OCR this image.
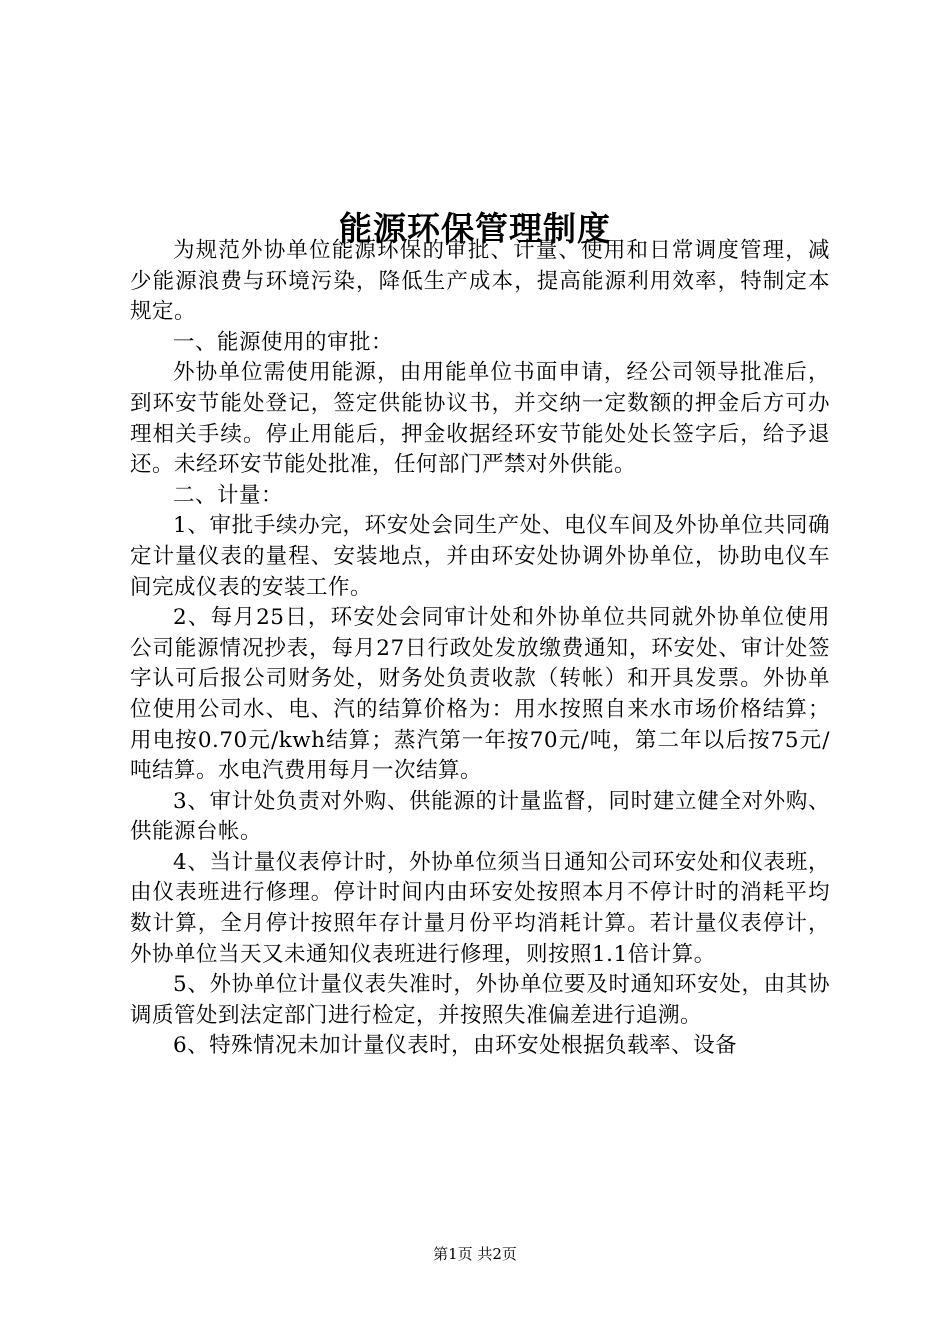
能源环保管理制度

为规范外协单位能源环保的审批、计量、使用和日常调度管理，减少能源浪费与环境污染，降低生产成本，提高能源利用效率，特制定本规定。

一、能源使用的审批：

外协单位需使用能源，由用能单位书面申请，经公司领导批准后，到环安节能处登记，签定供能协议书，并交纳一定数额的押金后方可办理相关手续。停止用能后，押金收据经环安节能处处长签字后，给予退还。未经环安节能处批准，任何部门严禁对外供能。

二、计量：

1、审批手续办完，环安处会同生产处、电仪车间及外协单位共同确定计量仪表的量程、安装地点，并由环安处协调外协单位，协助电仪车间完成仪表的安装工作。

2、每月25日，环安处会同审计处和外协单位共同就外协单位使用公司能源情况抄表，每月27日行政处发放缴费通知，环安处、审计处签字认可后报公司财务处，财务处负责收款（转帐）和开具发票。外协单位使用公司水、电、汽的结算价格为：用水按照自来水市场价格结算；用电按0.70元/kwh结算；蒸汽第一年按70元/吨，第二年以后按75元/吨结算。水电汽费用每月一次结算。

3、审计处负责对外购、供能源的计量监督，同时建立健全对外购、供能源台帐。

4、当计量仪表停计时，外协单位须当日通知公司环安处和仪表班，由仪表班进行修理。停计时间内由环安处按照本月不停计时的消耗平均数计算，全月停计按照年存计量月份平均消耗计算。若计量仪表停计，外协单位当天又未通知仪表班进行修理，则按照1.1倍计算。

5、外协单位计量仪表失准时，外协单位要及时通知环安处，由其协调质管处到法定部门进行检定，并按照失准偏差进行追溯。

6、特殊情况未加计量仪表时，由环安处根据负载率、设备

第1页 共2页
